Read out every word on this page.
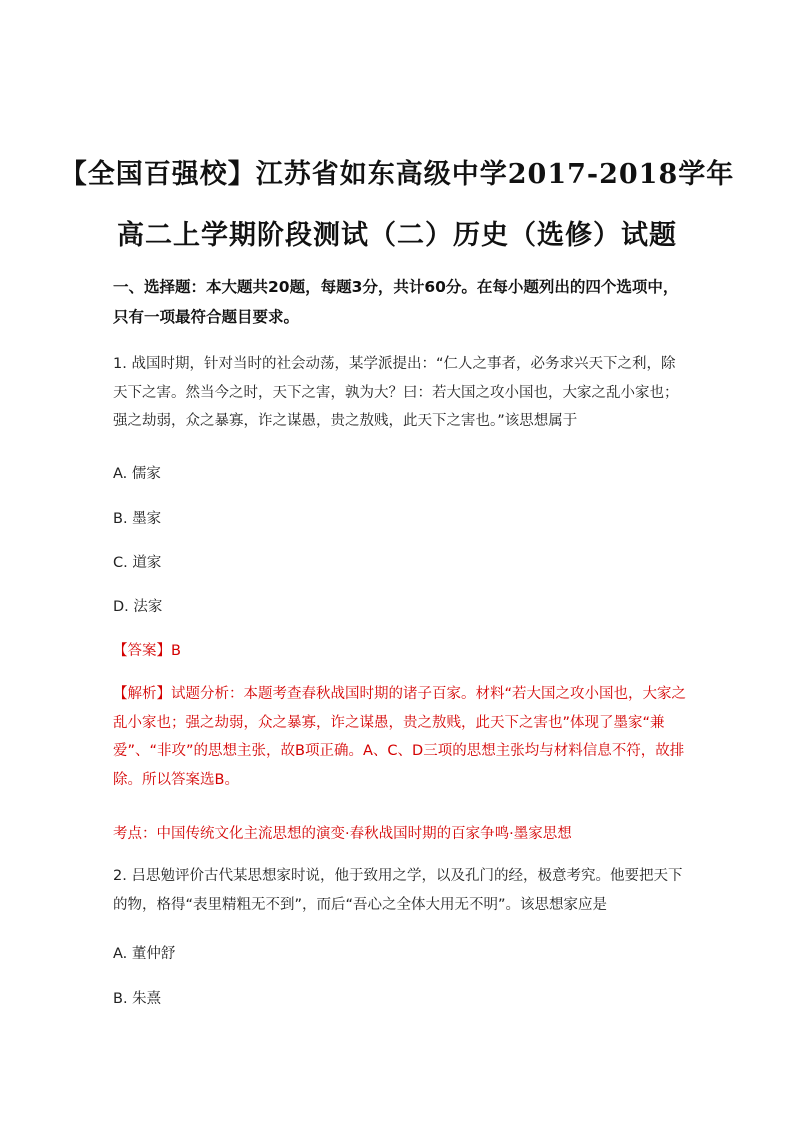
【全国百强校】江苏省如东高级中学2017-2018学年
高二上学期阶段测试（二）历史（选修）试题
一、选择题：本大题共20题，每题3分，共计60分。在每小题列出的四个选项中，只有一项最符合题目要求。
1. 战国时期，针对当时的社会动荡，某学派提出：“仁人之事者，必务求兴天下之利，除天下之害。然当今之时，天下之害，孰为大？曰：若大国之攻小国也，大家之乱小家也；强之劫弱，众之暴寡，诈之谋愚，贵之敖贱，此天下之害也。”该思想属于
A. 儒家
B. 墨家
C. 道家
D. 法家
【答案】B
【解析】试题分析：本题考查春秋战国时期的诸子百家。材料“若大国之攻小国也，大家之乱小家也；强之劫弱，众之暴寡，诈之谋愚，贵之敖贱，此天下之害也”体现了墨家“兼爱”、“非攻”的思想主张，故B项正确。A、C、D三项的思想主张均与材料信息不符，故排除。所以答案选B。
考点：中国传统文化主流思想的演变·春秋战国时期的百家争鸣·墨家思想
2. 吕思勉评价古代某思想家时说，他于致用之学，以及孔门的经，极意考究。他要把天下的物，格得“表里精粗无不到”，而后“吾心之全体大用无不明”。该思想家应是
A. 董仲舒
B. 朱熹
